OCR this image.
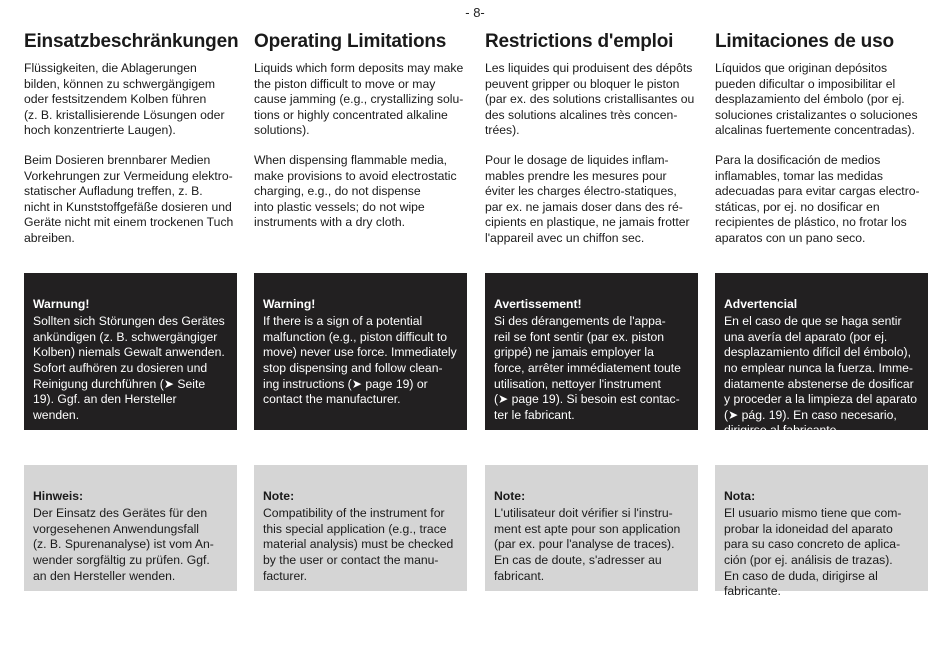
- 8-
Einsatzbeschränkungen

Flüssigkeiten, die Ablagerungen
bilden, können zu schwergängigem
oder festsitzendem Kolben führen
(z. B. kristallisierende Lösungen oder
hoch konzentrierte Laugen).

Beim Dosieren brennbarer Medien
Vorkehrungen zur Vermeidung elektro-
statischer Aufladung treffen, z. B.
nicht in Kunststoffgefäße dosieren und
Geräte nicht mit einem trockenen Tuch
abreiben.

Warnung!
Sollten sich Störungen des Gerätes
ankündigen (z. B. schwergängiger
Kolben) niemals Gewalt anwenden.
Sofort aufhören zu dosieren und
Reinigung durchführen (➤ Seite
19). Ggf. an den Hersteller
wenden.

Hinweis:
Der Einsatz des Gerätes für den
vorgesehenen Anwendungsfall
(z. B. Spurenanalyse) ist vom An-
wender sorgfältig zu prüfen. Ggf.
an den Hersteller wenden.

Operating Limitations

Liquids which form deposits may make
the piston difficult to move or may
cause jamming (e.g., crystallizing solu-
tions or highly concentrated alkaline
solutions).

When dispensing flammable media,
make provisions to avoid electrostatic
charging, e.g., do not dispense
into plastic vessels; do not wipe
instruments with a dry cloth.

Warning!
If there is a sign of a potential
malfunction (e.g., piston difficult to
move) never use force. Immediately
stop dispensing and follow clean-
ing instructions (➤ page 19) or
contact the manufacturer.

Note:
Compatibility of the instrument for
this special application (e.g., trace
material analysis) must be checked
by the user or contact the manu-
facturer.

Restrictions d'emploi

Les liquides qui produisent des dépôts
peuvent gripper ou bloquer le piston
(par ex. des solutions cristallisantes ou
des solutions alcalines très concen-
trées).

Pour le dosage de liquides inflam-
mables prendre les mesures pour
éviter les charges électro-statiques,
par ex. ne jamais doser dans des ré-
cipients en plastique, ne jamais frotter
l'appareil avec un chiffon sec.

Avertissement!
Si des dérangements de l'appa-
reil se font sentir (par ex. piston
grippé) ne jamais employer la
force, arrêter immédiatement toute
utilisation, nettoyer l'instrument
(➤ page 19). Si besoin est contac-
ter le fabricant.

Note:
L'utilisateur doit vérifier si l'instru-
ment est apte pour son application
(par ex. pour l'analyse de traces).
En cas de doute, s'adresser au
fabricant.

Limitaciones de uso

Líquidos que originan depósitos
pueden dificultar o imposibilitar el
desplazamiento del émbolo (por ej.
soluciones cristalizantes o soluciones
alcalinas fuertemente concentradas).

Para la dosificación de medios
inflamables, tomar las medidas
adecuadas para evitar cargas electro-
státicas, por ej. no dosificar en
recipientes de plástico, no frotar los
aparatos con un pano seco.

Advertencial
En el caso de que se haga sentir
una avería del aparato (por ej.
desplazamiento difícil del émbolo),
no emplear nunca la fuerza. Imme-
diatamente abstenerse de dosificar
y proceder a la limpieza del aparato
(➤ pág. 19). En caso necesario,
dirigirse al fabricante.

Nota:
El usuario mismo tiene que com-
probar la idoneidad del aparato
para su caso concreto de aplica-
ción (por ej. análisis de trazas).
En caso de duda, dirigirse al
fabricante.
